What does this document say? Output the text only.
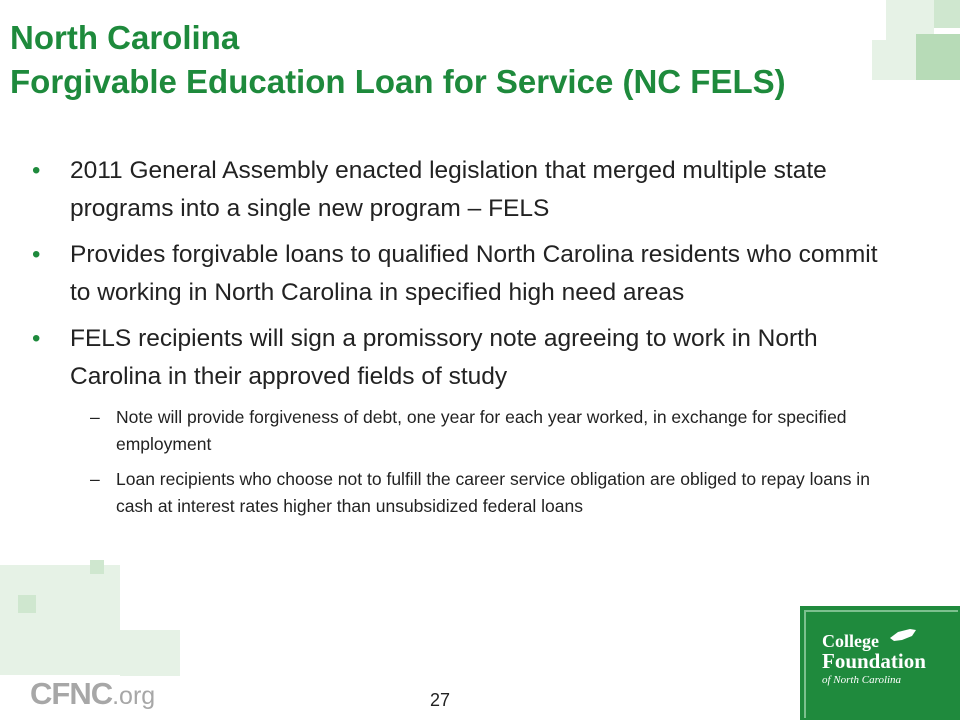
North Carolina
Forgivable Education Loan for Service (NC FELS)
• 2011 General Assembly enacted legislation that merged multiple state programs into a single new program – FELS
• Provides forgivable loans to qualified North Carolina residents who commit to working in North Carolina in specified high need areas
• FELS recipients will sign a promissory note agreeing to work in North Carolina in their approved fields of study
– Note will provide forgiveness of debt, one year for each year worked, in exchange for specified employment
– Loan recipients who choose not to fulfill the career service obligation are obliged to repay loans in cash at interest rates higher than unsubsidized federal loans
CFNC.org	27
College
Foundation
of North Carolina
